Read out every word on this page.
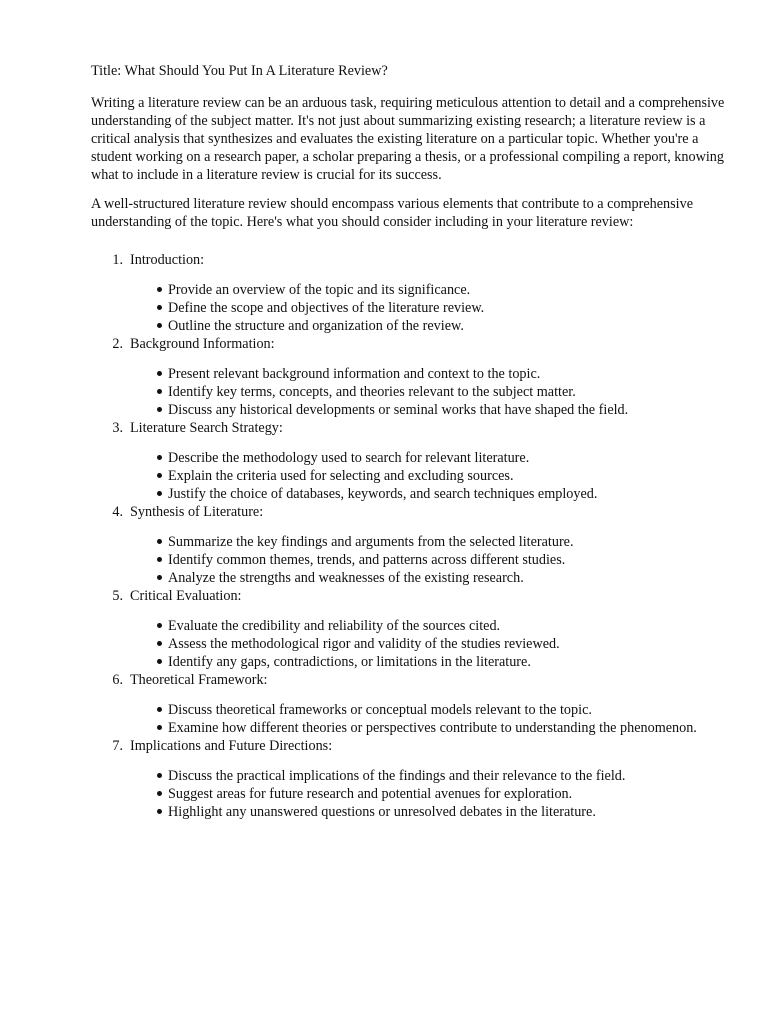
Title: What Should You Put In A Literature Review?

Writing a literature review can be an arduous task, requiring meticulous attention to detail and a comprehensive understanding of the subject matter. It's not just about summarizing existing research; a literature review is a critical analysis that synthesizes and evaluates the existing literature on a particular topic. Whether you're a student working on a research paper, a scholar preparing a thesis, or a professional compiling a report, knowing what to include in a literature review is crucial for its success.

A well-structured literature review should encompass various elements that contribute to a comprehensive understanding of the topic. Here's what you should consider including in your literature review:

1. Introduction:
Provide an overview of the topic and its significance.
Define the scope and objectives of the literature review.
Outline the structure and organization of the review.
2. Background Information:
Present relevant background information and context to the topic.
Identify key terms, concepts, and theories relevant to the subject matter.
Discuss any historical developments or seminal works that have shaped the field.
3. Literature Search Strategy:
Describe the methodology used to search for relevant literature.
Explain the criteria used for selecting and excluding sources.
Justify the choice of databases, keywords, and search techniques employed.
4. Synthesis of Literature:
Summarize the key findings and arguments from the selected literature.
Identify common themes, trends, and patterns across different studies.
Analyze the strengths and weaknesses of the existing research.
5. Critical Evaluation:
Evaluate the credibility and reliability of the sources cited.
Assess the methodological rigor and validity of the studies reviewed.
Identify any gaps, contradictions, or limitations in the literature.
6. Theoretical Framework:
Discuss theoretical frameworks or conceptual models relevant to the topic.
Examine how different theories or perspectives contribute to understanding the phenomenon.
7. Implications and Future Directions:
Discuss the practical implications of the findings and their relevance to the field.
Suggest areas for future research and potential avenues for exploration.
Highlight any unanswered questions or unresolved debates in the literature.
